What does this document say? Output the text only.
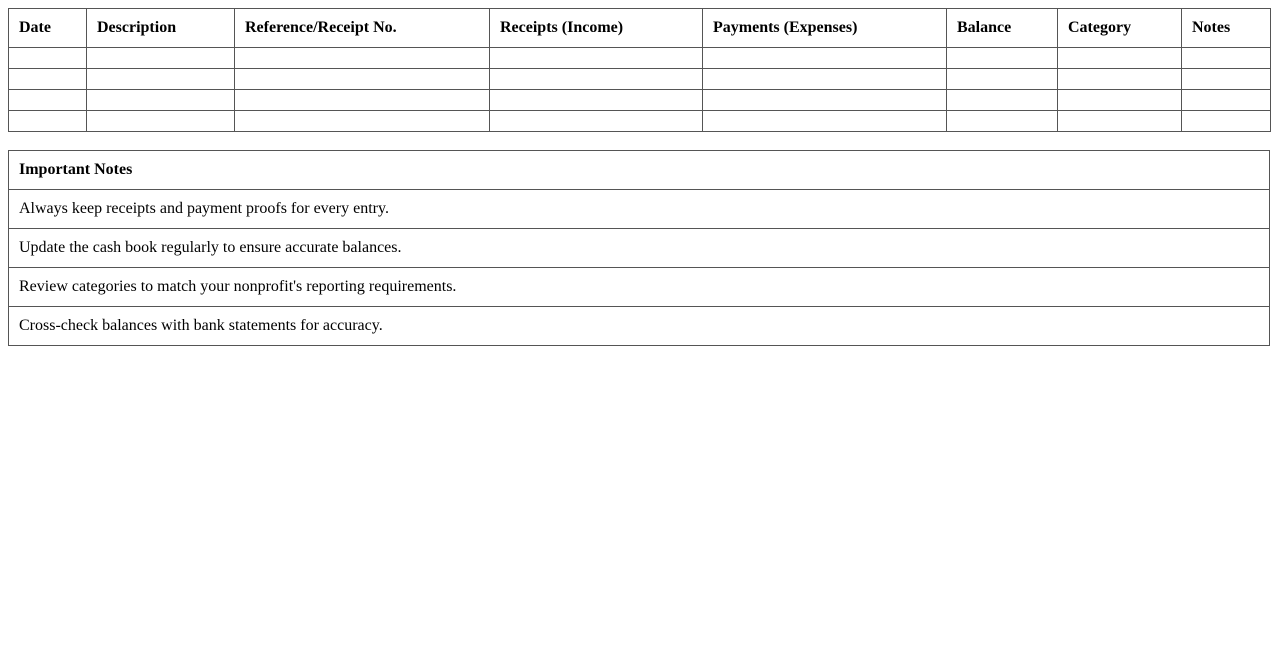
Date	Description	Reference/Receipt No.	Receipts (Income)	Payments (Expenses)	Balance	Category	Notes

Important Notes
Always keep receipts and payment proofs for every entry.
Update the cash book regularly to ensure accurate balances.
Review categories to match your nonprofit's reporting requirements.
Cross-check balances with bank statements for accuracy.
